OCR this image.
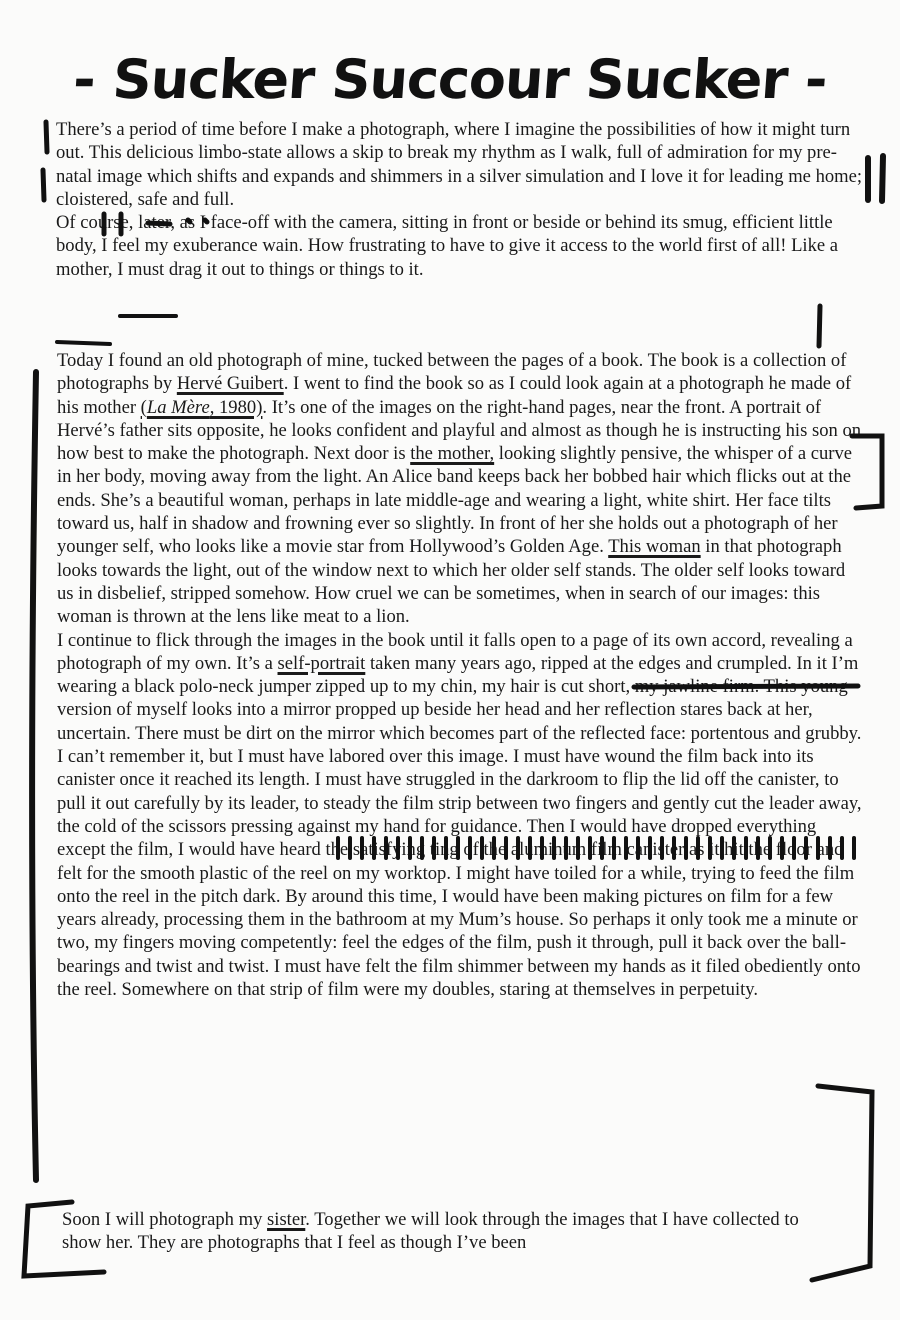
- Sucker Succour Sucker -

There’s a period of time before I make a photograph, where I imagine the possibilities of how it might turn out. This delicious limbo-state allows a skip to break my rhythm as I walk, full of admiration for my pre-natal image which shifts and expands and shimmers in a silver simulation and I love it for leading me home; cloistered, safe and full.

Of course, later, as I face-off with the camera, sitting in front or beside or behind its smug, efficient little body, I feel my exuberance wain. How frustrating to have to give it access to the world first of all! Like a mother, I must drag it out to things or things to it.

Today I found an old photograph of mine, tucked between the pages of a book. The book is a collection of photographs by Hervé Guibert. I went to find the book so as I could look again at a photograph he made of his mother (La Mère, 1980). It’s one of the images on the right-hand pages, near the front. A portrait of Hervé’s father sits opposite, he looks confident and playful and almost as though he is instructing his son on how best to make the photograph. Next door is the mother, looking slightly pensive, the whisper of a curve in her body, moving away from the light. An Alice band keeps back her bobbed hair which flicks out at the ends. She’s a beautiful woman, perhaps in late middle-age and wearing a light, white shirt. Her face tilts toward us, half in shadow and frowning ever so slightly. In front of her she holds out a photograph of her younger self, who looks like a movie star from Hollywood’s Golden Age. This woman in that photograph looks towards the light, out of the window next to which her older self stands. The older self looks toward us in disbelief, stripped somehow. How cruel we can be sometimes, when in search of our images: this woman is thrown at the lens like meat to a lion.

I continue to flick through the images in the book until it falls open to a page of its own accord, revealing a photograph of my own. It’s a self-portrait taken many years ago, ripped at the edges and crumpled. In it I’m wearing a black polo-neck jumper zipped up to my chin, my hair is cut short, my jawline firm. This young version of myself looks into a mirror propped up beside her head and her reflection stares back at her, uncertain. There must be dirt on the mirror which becomes part of the reflected face: portentous and grubby.

I can’t remember it, but I must have labored over this image. I must have wound the film back into its canister once it reached its length. I must have struggled in the darkroom to flip the lid off the canister, to pull it out carefully by its leader, to steady the film strip between two fingers and gently cut the leader away, the cold of the scissors pressing against my hand for guidance. Then I would have dropped everything except the film, I would have heard the satisfying ting of the aluminum film canister as it hit the floor and felt for the smooth plastic of the reel on my worktop. I might have toiled for a while, trying to feed the film onto the reel in the pitch dark. By around this time, I would have been making pictures on film for a few years already, processing them in the bathroom at my Mum’s house. So perhaps it only took me a minute or two, my fingers moving competently: feel the edges of the film, push it through, pull it back over the ball-bearings and twist and twist. I must have felt the film shimmer between my hands as it filed obediently onto the reel. Somewhere on that strip of film were my doubles, staring at themselves in perpetuity.

Soon I will photograph my sister. Together we will look through the images that I have collected to show her. They are photographs that I feel as though I’ve been
